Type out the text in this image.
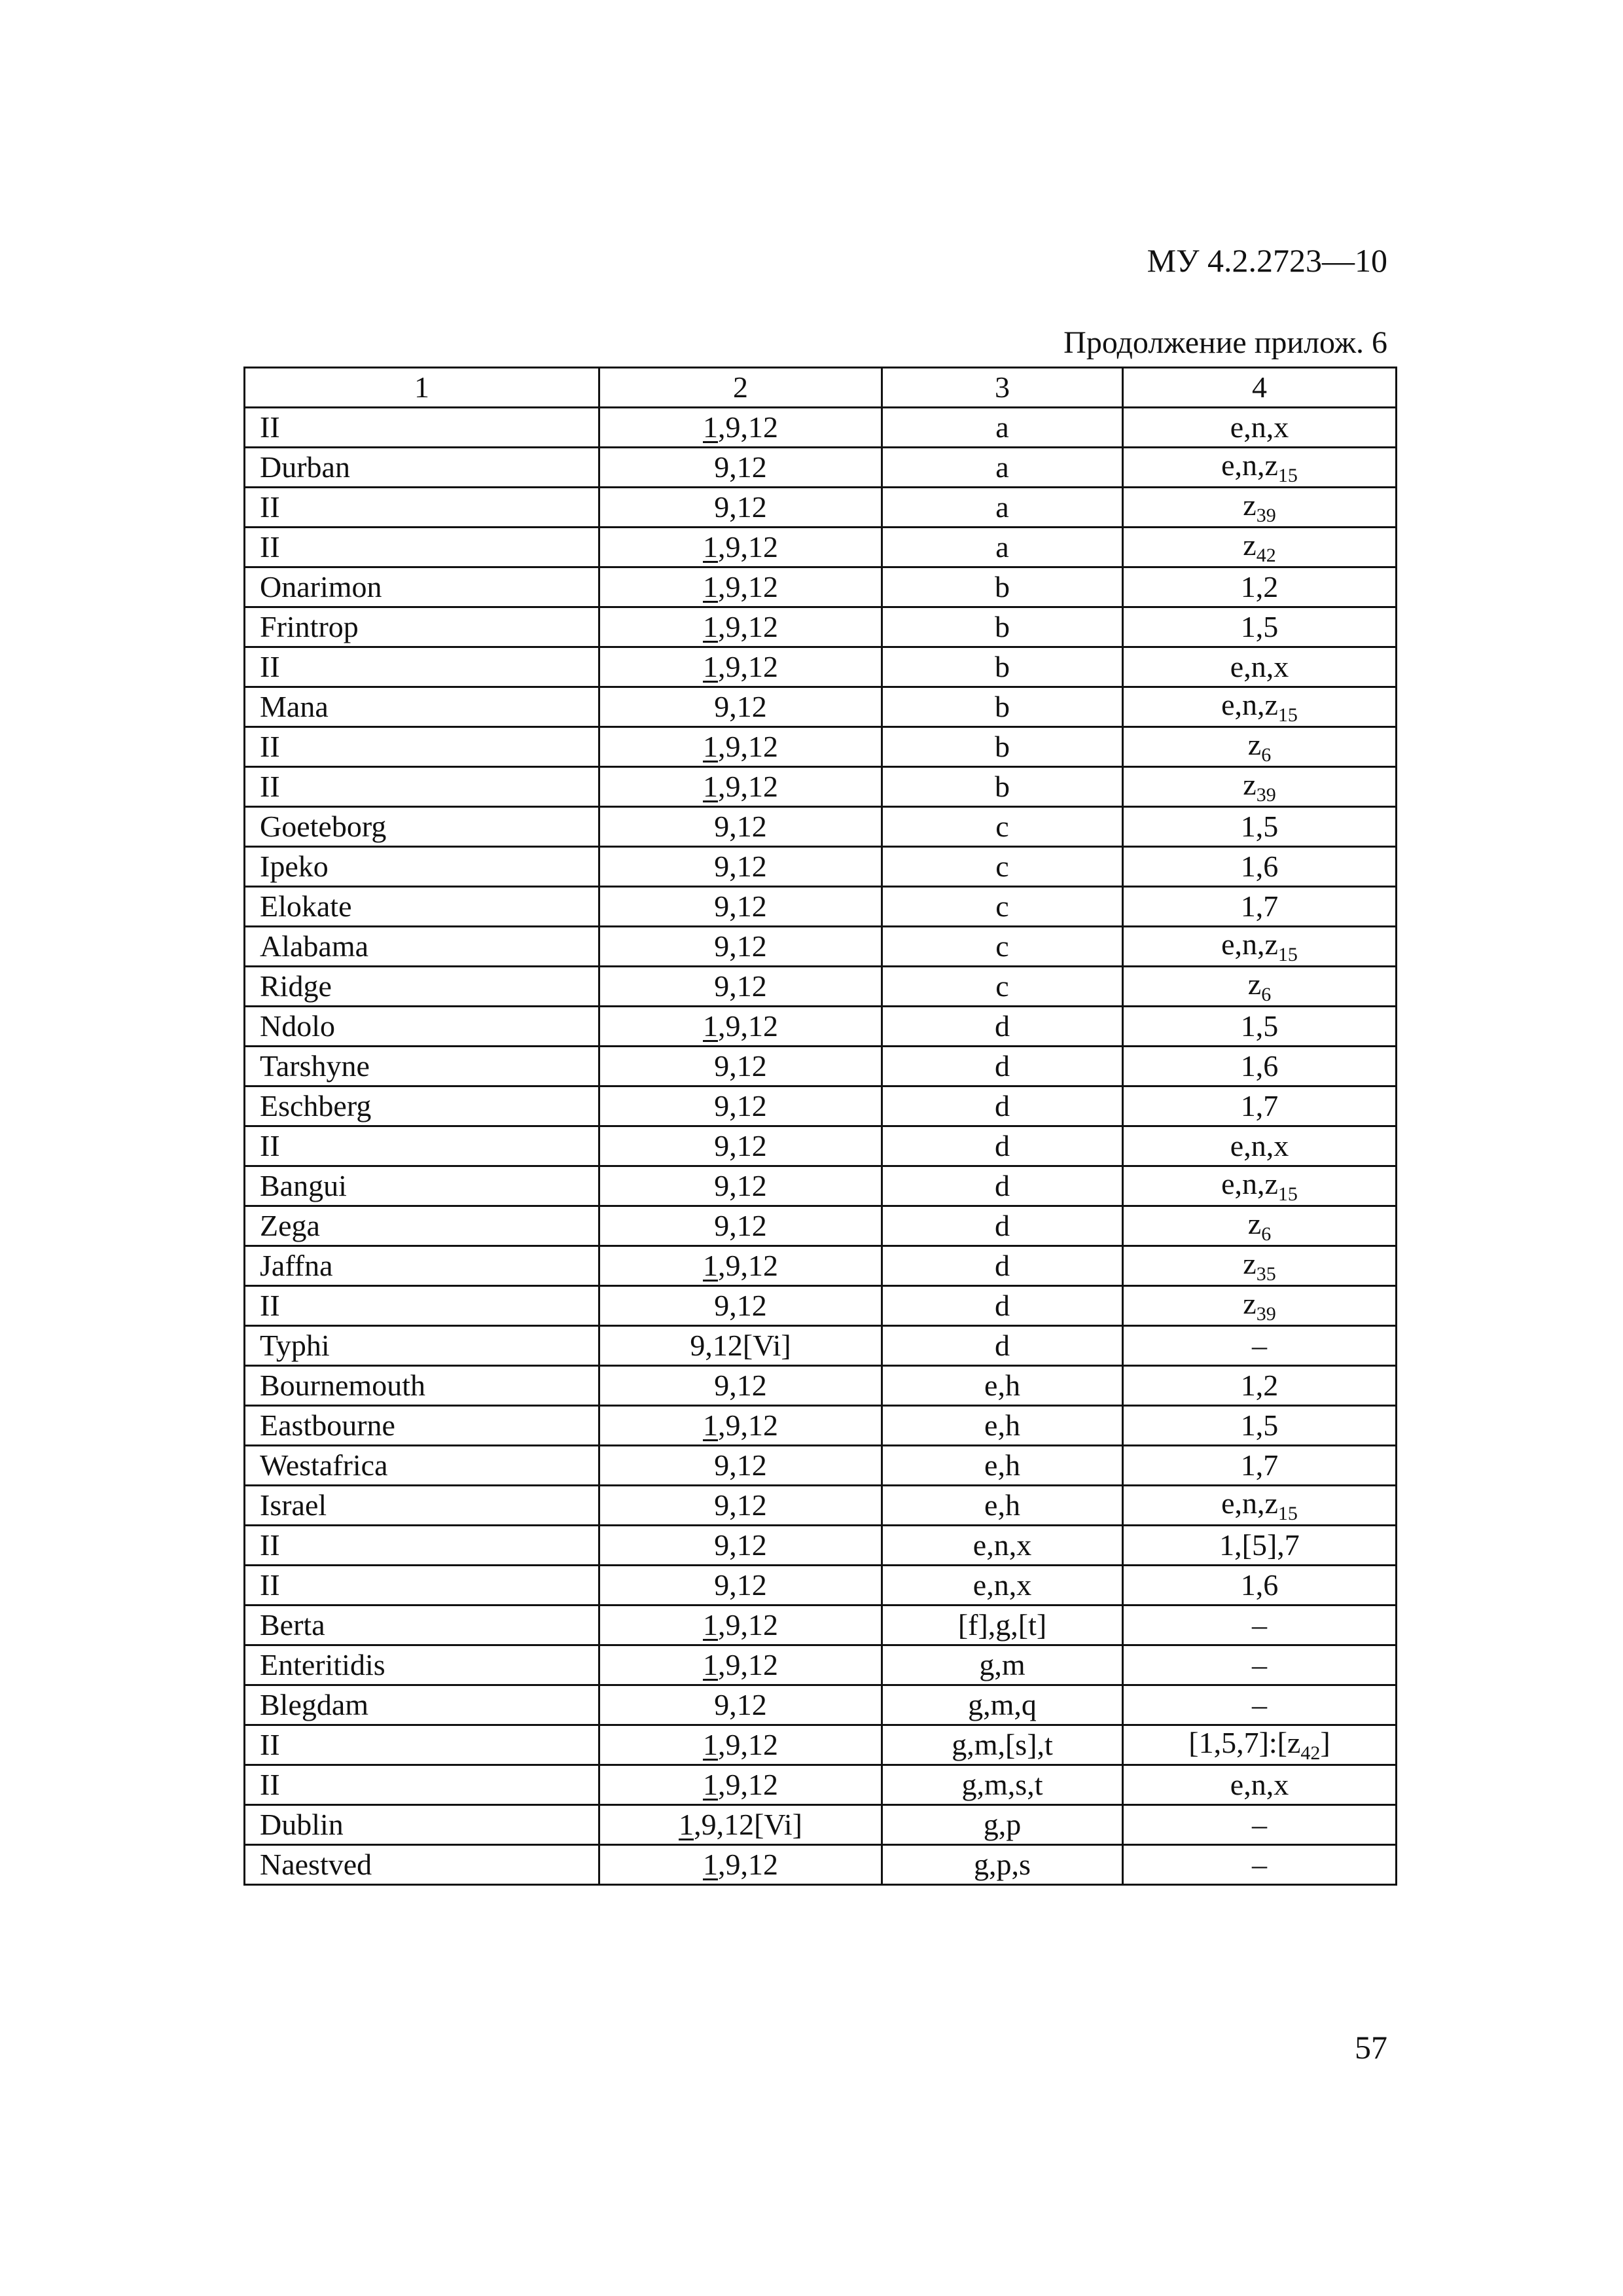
МУ 4.2.2723—10
Продолжение прилож. 6
1	2	3	4
II	1,9,12	a	e,n,x
Durban	9,12	a	$e,n,z_{15}$
II	9,12	a	$z_{39}$
II	1,9,12	a	$z_{42}$
Onarimon	1,9,12	b	1,2
Frintrop	1,9,12	b	1,5
II	1,9,12	b	e,n,x
Mana	9,12	b	$e,n,z_{15}$
II	1,9,12	b	$z_6$
II	1,9,12	b	$z_{39}$
Goeteborg	9,12	c	1,5
Ipeko	9,12	c	1,6
Elokate	9,12	c	1,7
Alabama	9,12	c	$e,n,z_{15}$
Ridge	9,12	c	$z_6$
Ndolo	1,9,12	d	1,5
Tarshyne	9,12	d	1,6
Eschberg	9,12	d	1,7
II	9,12	d	e,n,x
Bangui	9,12	d	$e,n,z_{15}$
Zega	9,12	d	$z_6$
Jaffna	1,9,12	d	$z_{35}$
II	9,12	d	$z_{39}$
Typhi	9,12[Vi]	d	–
Bournemouth	9,12	e,h	1,2
Eastbourne	1,9,12	e,h	1,5
Westafrica	9,12	e,h	1,7
Israel	9,12	e,h	$e,n,z_{15}$
II	9,12	e,n,x	1,[5],7
II	9,12	e,n,x	1,6
Berta	1,9,12	[f],g,[t]	–
Enteritidis	1,9,12	g,m	–
Blegdam	9,12	g,m,q	–
II	1,9,12	g,m,[s],t	$[1,5,7]:[z_{42}]$
II	1,9,12	g,m,s,t	e,n,x
Dublin	1,9,12[Vi]	g,p	–
Naestved	1,9,12	g,p,s	–
57
